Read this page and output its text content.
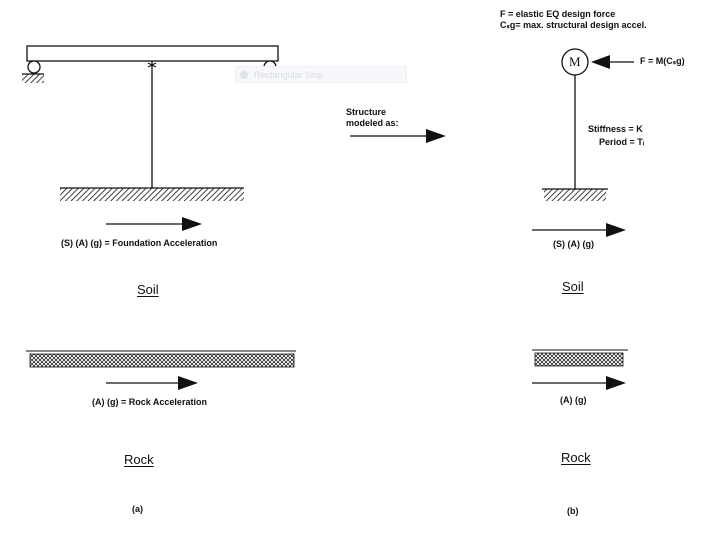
Rectangular Snip
(S) (A) (g) = Foundation Acceleration
Soil
(A) (g) = Rock Acceleration
Rock
(a)
Structure
modeled as:
F = elastic EQ design force
Cₛg= max. structural design accel.
M	F = M(Cₛg)
Stiffness = K
Period = Tᵢ
(S) (A) (g)
Soil
(A) (g)
Rock
(b)
